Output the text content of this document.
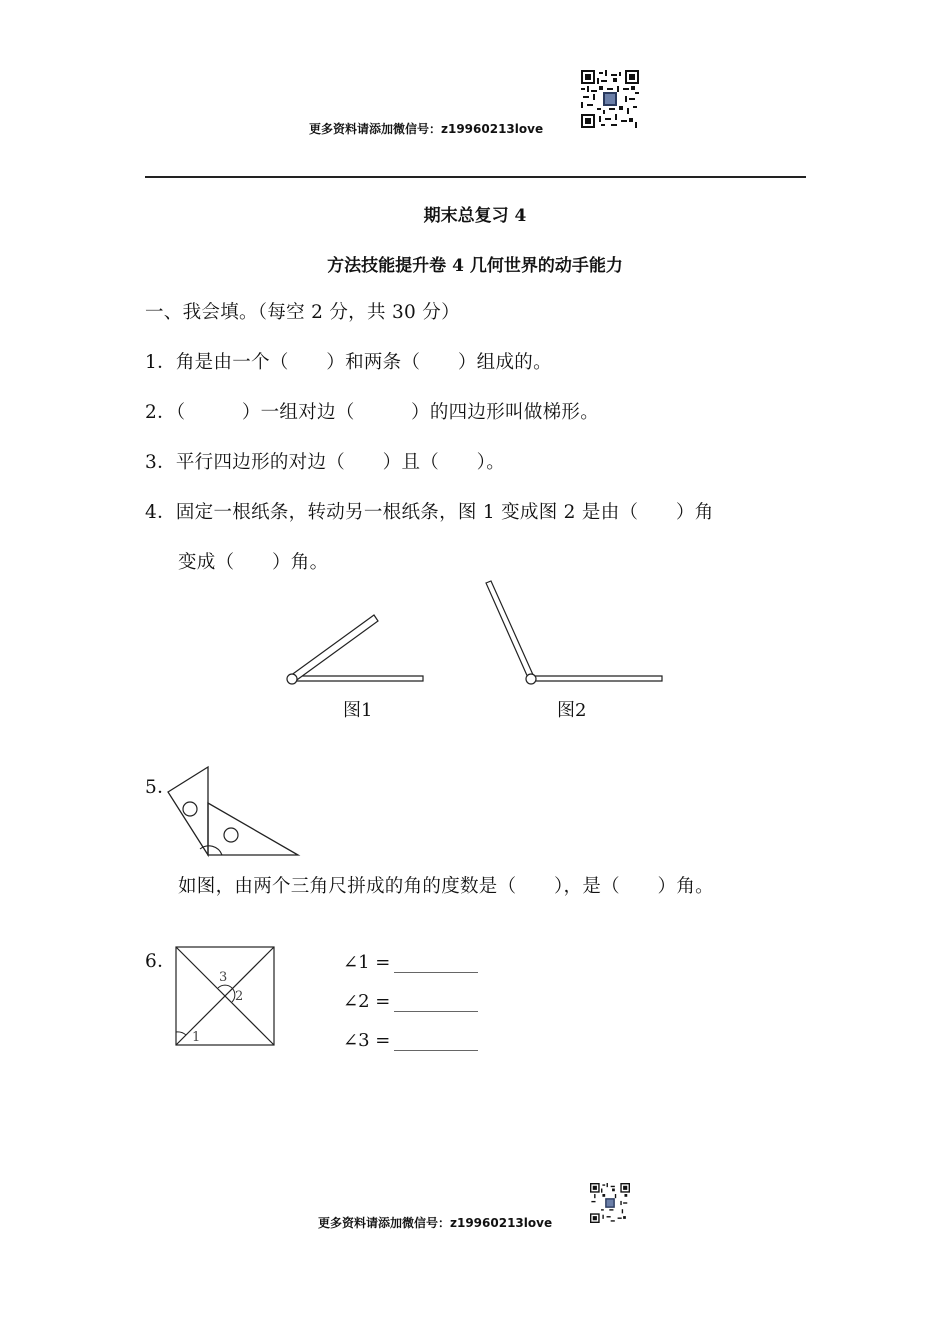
更多资料请添加微信号：z19960213love
期末总复习 4
方法技能提升卷 4 几何世界的动手能力
一、我会填。（每空 2 分，共 30 分）
1．角是由一个（　　）和两条（　　）组成的。
2．（　　　）一组对边（　　　）的四边形叫做梯形。
3．平行四边形的对边（　　）且（　　）。
4．固定一根纸条，转动另一根纸条，图 1 变成图 2 是由（　　）角
变成（　　）角。
图1	图2
5．
如图，由两个三角尺拼成的角的度数是（　　），是（　　）角。
6．
3
2
1
∠1 =
∠2 =
∠3 =
更多资料请添加微信号：z19960213love
